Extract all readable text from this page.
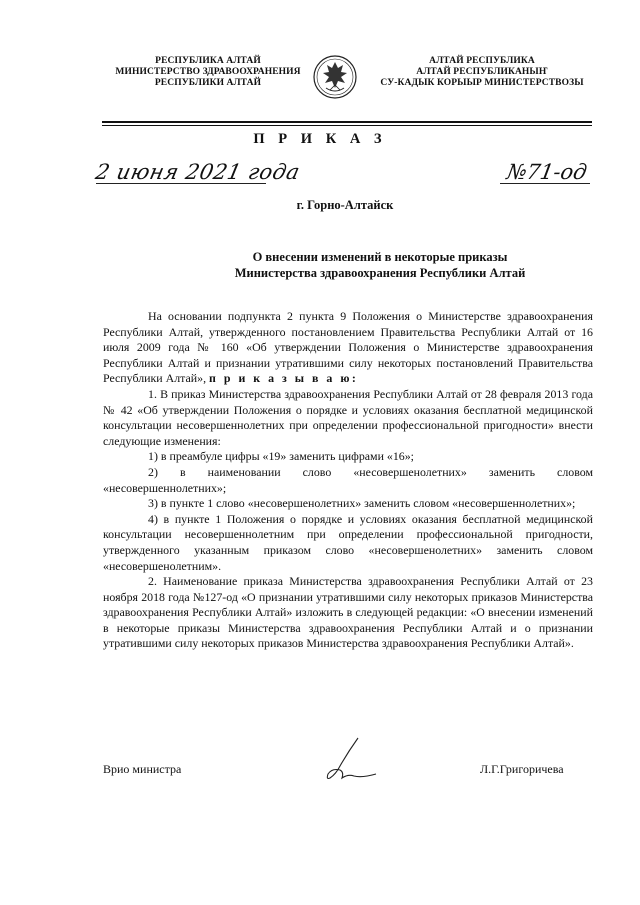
РЕСПУБЛИКА АЛТАЙ
МИНИСТЕРСТВО ЗДРАВООХРАНЕНИЯ
РЕСПУБЛИКИ АЛТАЙ
АЛТАЙ РЕСПУБЛИКА
АЛТАЙ РЕСПУБЛИКАНЫҤ
СУ-КАДЫК КОРЫЫР МИНИСТЕРСТВОЗЫ
П Р И К А З
2 июня 2021 года	№71-од
г. Горно-Алтайск
О внесении изменений в некоторые приказы
Министерства здравоохранения Республики Алтай

На основании подпункта 2 пункта 9 Положения о Министерстве здравоохранения Республики Алтай, утвержденного постановлением Правительства Республики Алтай от 16 июля 2009 года № 160 «Об утверждении Положения о Министерстве здравоохранения Республики Алтай и признании утратившими силу некоторых постановлений Правительства Республики Алтай», п р и к а з ы в а ю:

1. В приказ Министерства здравоохранения Республики Алтай от 28 февраля 2013 года № 42 «Об утверждении Положения о порядке и условиях оказания бесплатной медицинской консультации несовершеннолетних при определении профессиональной пригодности» внести следующие изменения:

1) в преамбуле цифры «19» заменить цифрами «16»;

2) в наименовании слово «несовершенолетних» заменить словом «несовершеннолетних»;

3) в пункте 1 слово «несовершенолетних» заменить словом «несовершеннолетних»;

4) в пункте 1 Положения о порядке и условиях оказания бесплатной медицинской консультации несовершеннолетним при определении профессиональной пригодности, утвержденного указанным приказом слово «несовершенолетних» заменить словом «несовершенолетним».

2. Наименование приказа Министерства здравоохранения Республики Алтай от 23 ноября 2018 года №127-од «О признании утратившими силу некоторых приказов Министерства здравоохранения Республики Алтай» изложить в следующей редакции: «О внесении изменений в некоторые приказы Министерства здравоохранения Республики Алтай и о признании утратившими силу некоторых приказов Министерства здравоохранения Республики Алтай».

Врио министра	Л.Г.Григоричева
